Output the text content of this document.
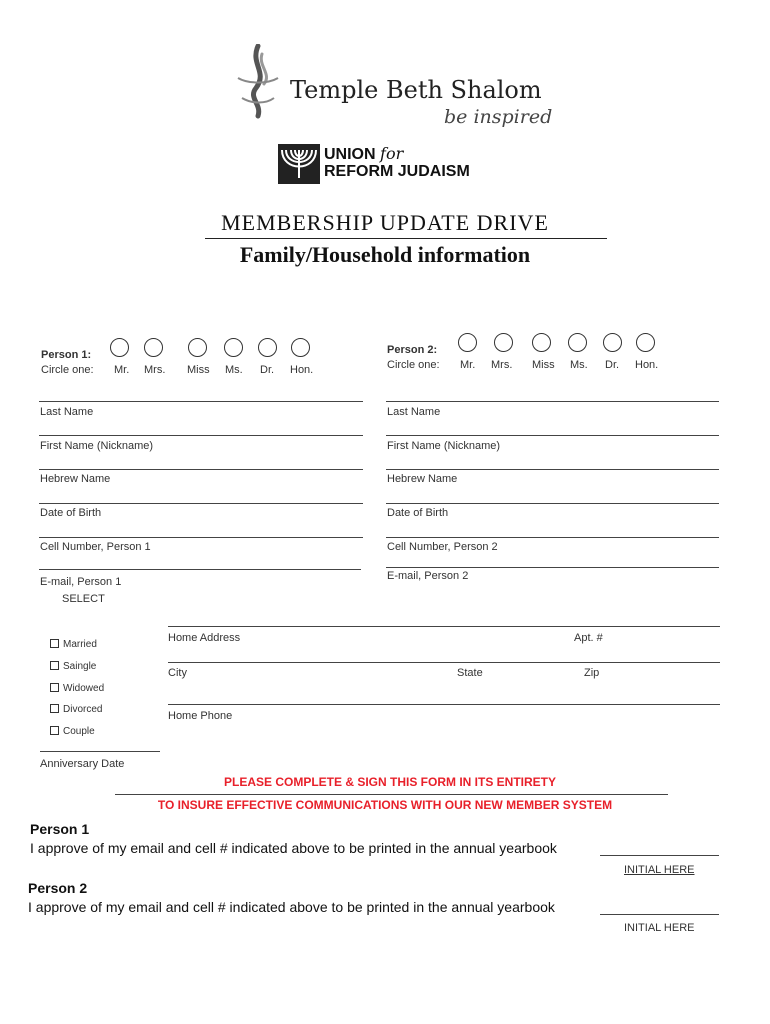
Temple Beth Shalom
be inspired
UNION for
REFORM JUDAISM
MEMBERSHIP UPDATE DRIVE
Family/Household information
Person 1:
Circle one: Mr. Mrs. Miss Ms. Dr. Hon.
Person 2:
Circle one: Mr. Mrs. Miss Ms. Dr. Hon.
Last Name
First Name (Nickname)
Hebrew Name
Date of Birth
Cell Number, Person 1
E-mail, Person 1
Last Name
First Name (Nickname)
Hebrew Name
Date of Birth
Cell Number, Person 2
E-mail, Person 2
SELECT
Married
Saingle
Widowed
Divorced
Couple
Anniversary Date
Home Address	Apt. #
City	State	Zip
Home Phone
PLEASE COMPLETE & SIGN THIS FORM IN ITS ENTIRETY
TO INSURE EFFECTIVE COMMUNICATIONS WITH OUR NEW MEMBER SYSTEM
Person 1
I approve of my email and cell # indicated above to be printed in the annual yearbook
INITIAL HERE
Person 2
I approve of my email and cell # indicated above to be printed in the annual yearbook
INITIAL HERE
